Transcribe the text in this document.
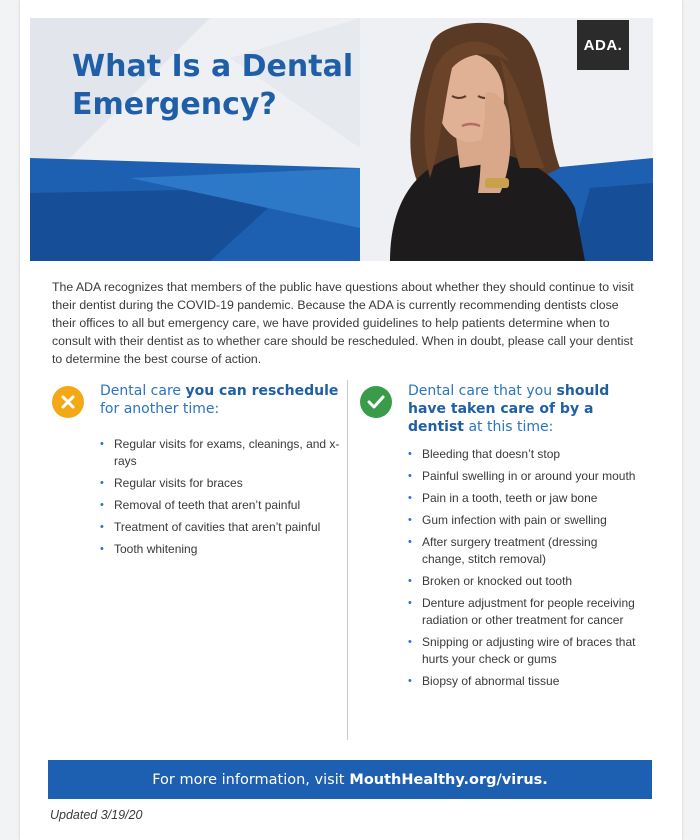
What Is a Dental
Emergency?
ADA.

The ADA recognizes that members of the public have questions about whether they should continue to visit their dentist during the COVID-19 pandemic. Because the ADA is currently recommending dentists close their offices to all but emergency care, we have provided guidelines to help patients determine when to consult with their dentist as to whether care should be rescheduled. When in doubt, please call your dentist to determine the best course of action.

Dental care you can reschedule for another time:

• Regular visits for exams, cleanings, and x-rays
• Regular visits for braces
• Removal of teeth that aren’t painful
• Treatment of cavities that aren’t painful
• Tooth whitening

Dental care that you should have taken care of by a dentist at this time:

• Bleeding that doesn’t stop
• Painful swelling in or around your mouth
• Pain in a tooth, teeth or jaw bone
• Gum infection with pain or swelling
• After surgery treatment (dressing change, stitch removal)
• Broken or knocked out tooth
• Denture adjustment for people receiving radiation or other treatment for cancer
• Snipping or adjusting wire of braces that hurts your check or gums
• Biopsy of abnormal tissue
For more information, visit MouthHealthy.org/virus.
Updated 3/19/20
